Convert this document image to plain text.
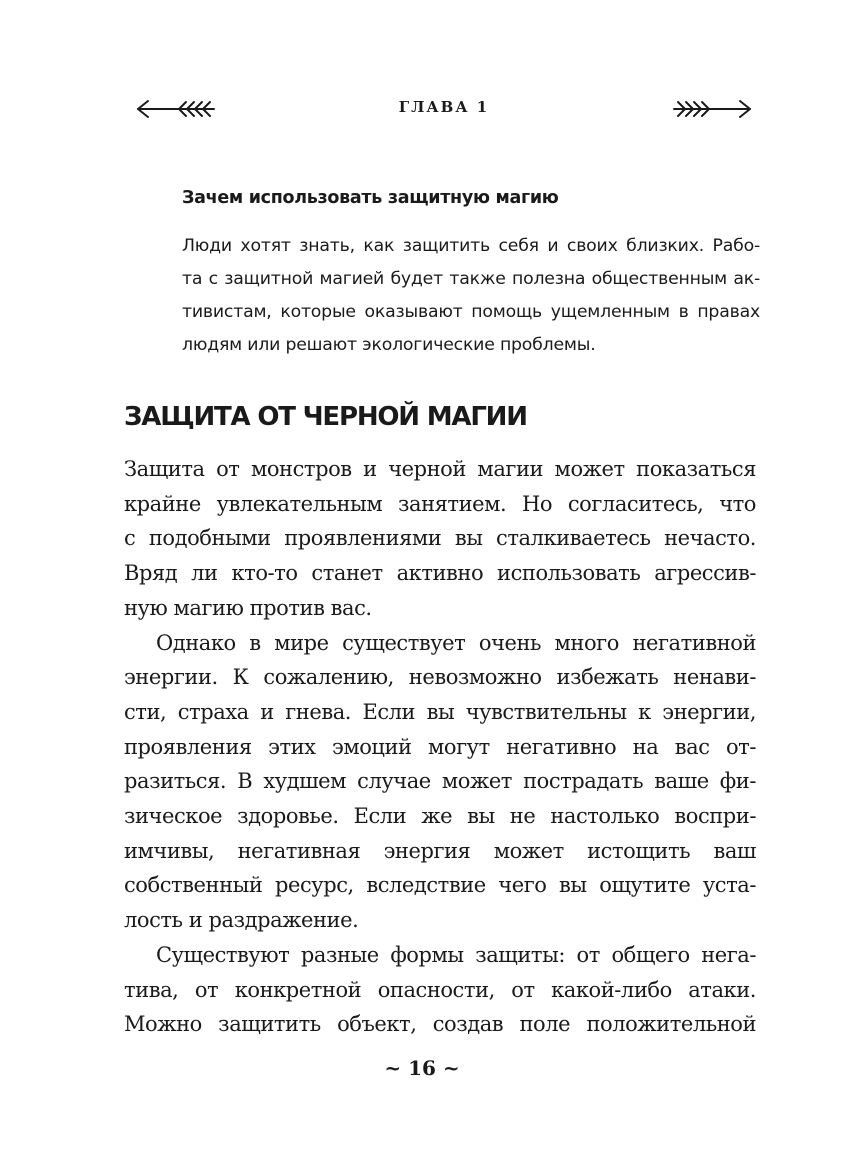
ГЛАВА 1
Зачем использовать защитную магию
Люди хотят знать, как защитить себя и своих близких. Рабо-
та с защитной магией будет также полезна общественным ак-
тивистам, которые оказывают помощь ущемленным в правах
людям или решают экологические проблемы.
ЗАЩИТА ОТ ЧЕРНОЙ МАГИИ
Защита от монстров и черной магии может показаться
крайне увлекательным занятием. Но согласитесь, что
с подобными проявлениями вы сталкиваетесь нечасто.
Вряд ли кто-то станет активно использовать агрессив-
ную магию против вас.
Однако в мире существует очень много негативной
энергии. К сожалению, невозможно избежать ненави-
сти, страха и гнева. Если вы чувствительны к энергии,
проявления этих эмоций могут негативно на вас от-
разиться. В худшем случае может пострадать ваше фи-
зическое здоровье. Если же вы не настолько воспри-
имчивы, негативная энергия может истощить ваш
собственный ресурс, вследствие чего вы ощутите уста-
лость и раздражение.
Существуют разные формы защиты: от общего нега-
тива, от конкретной опасности, от какой-либо атаки.
Можно защитить объект, создав поле положительной
~ 16 ~
